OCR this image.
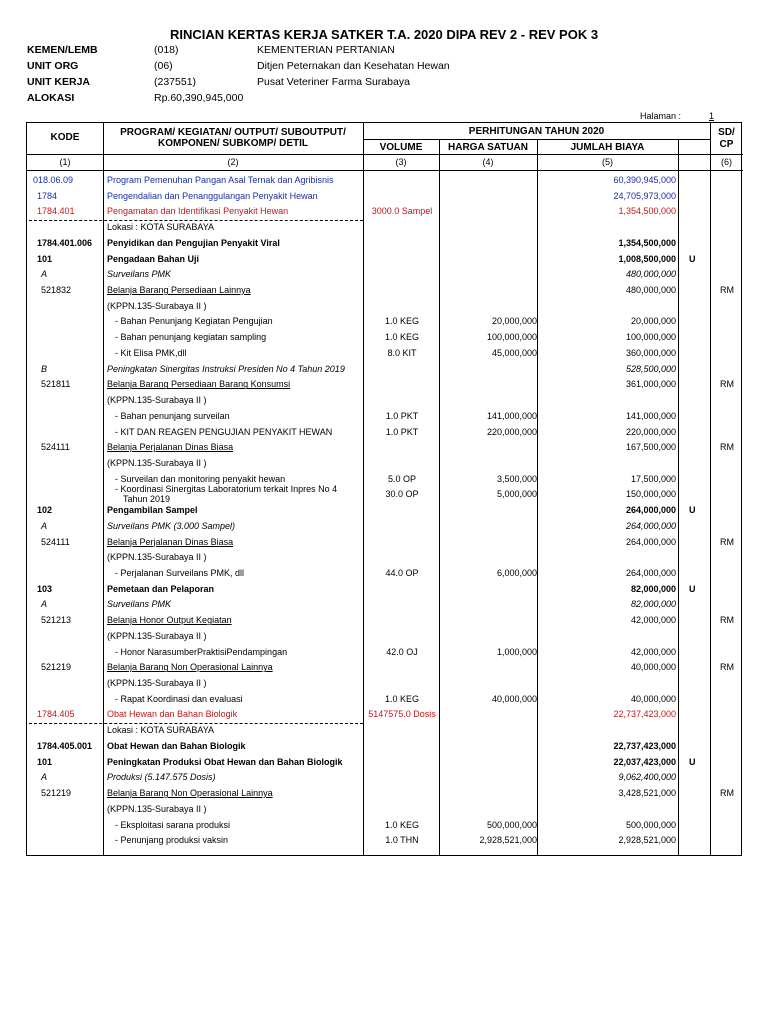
RINCIAN KERTAS KERJA SATKER T.A. 2020 DIPA REV 2 - REV POK 3
KEMEN/LEMB	(018)	KEMENTERIAN PERTANIAN
UNIT ORG	(06)	Ditjen Peternakan dan Kesehatan Hewan
UNIT KERJA	(237551)	Pusat Veteriner Farma Surabaya
ALOKASI	Rp.60,390,945,000
Halaman :	1
KODE	PROGRAM/ KEGIATAN/ OUTPUT/ SUBOUTPUT/ KOMPONEN/ SUBKOMP/ DETIL
PERHITUNGAN TAHUN 2020
VOLUME	HARGA SATUAN	JUMLAH BIAYA
SD/ CP
(1)	(2)	(3)	(4)	(5)	(6)
018.06.09	Program Pemenuhan Pangan Asal Ternak dan Agribisnis	60,390,945,000
1784	Pengendalian dan Penanggulangan Penyakit Hewan	24,705,973,000
1784.401	Pengamatan dan Identifikasi Penyakit Hewan	3000.0 Sampel	1,354,500,000
Lokasi : KOTA SURABAYA
1784.401.006 Penyidikan dan Pengujian Penyakit Viral	1,354,500,000
101	Pengadaan Bahan Uji	1,008,500,000 U
A	Surveilans PMK	480,000,000
521832	Belanja Barang Persediaan Lainnya	480,000,000	RM
(KPPN.135-Surabaya II )
- Bahan Penunjang Kegiatan Pengujian	1.0 KEG	20,000,000	20,000,000
- Bahan penunjang kegiatan sampling	1.0 KEG	100,000,000	100,000,000
- Kit Elisa PMK,dll	8.0 KIT	45,000,000	360,000,000
B	Peningkatan Sinergitas Instruksi Presiden No 4 Tahun 2019	528,500,000
521811	Belanja Barang Persediaan Barang Konsumsi	361,000,000	RM
(KPPN.135-Surabaya II )
- Bahan penunjang surveilan	1.0 PKT	141,000,000	141,000,000
- KIT DAN REAGEN PENGUJIAN PENYAKIT HEWAN	1.0 PKT	220,000,000	220,000,000
524111	Belanja Perjalanan Dinas Biasa	167,500,000	RM
(KPPN.135-Surabaya II )
- Surveilan dan monitoring penyakit hewan	5.0 OP	3,500,000	17,500,000
- Koordinasi Sinergitas Laboratorium terkait Inpres No 4
Tahun 2019	30.0 OP	5,000,000	150,000,000
102	Pengambilan Sampel	264,000,000 U
A	Surveilans PMK (3.000 Sampel)	264,000,000
524111	Belanja Perjalanan Dinas Biasa	264,000,000	RM
(KPPN.135-Surabaya II )
- Perjalanan Surveilans PMK, dll	44.0 OP	6,000,000	264,000,000
103	Pemetaan dan Pelaporan	82,000,000 U
A	Surveilans PMK	82,000,000
521213	Belanja Honor Output Kegiatan	42,000,000	RM
(KPPN.135-Surabaya II )
- Honor NarasumberPraktisiPendampingan	42.0 OJ	1,000,000	42,000,000
521219	Belanja Barang Non Operasional Lainnya	40,000,000	RM
(KPPN.135-Surabaya II )
- Rapat Koordinasi dan evaluasi	1.0 KEG	40,000,000	40,000,000
1784.405	Obat Hewan dan Bahan Biologik	5147575.0 Dosis	22,737,423,000
Lokasi : KOTA SURABAYA
1784.405.001 Obat Hewan dan Bahan Biologik	22,737,423,000
101	Peningkatan Produksi Obat Hewan dan Bahan Biologik	22,037,423,000 U
A	Produksi (5.147.575 Dosis)	9,062,400,000
521219	Belanja Barang Non Operasional Lainnya	3,428,521,000	RM
(KPPN.135-Surabaya II )
- Eksploitasi sarana produksi	1.0 KEG	500,000,000	500,000,000
- Penunjang produksi vaksin	1.0 THN	2,928,521,000	2,928,521,000
